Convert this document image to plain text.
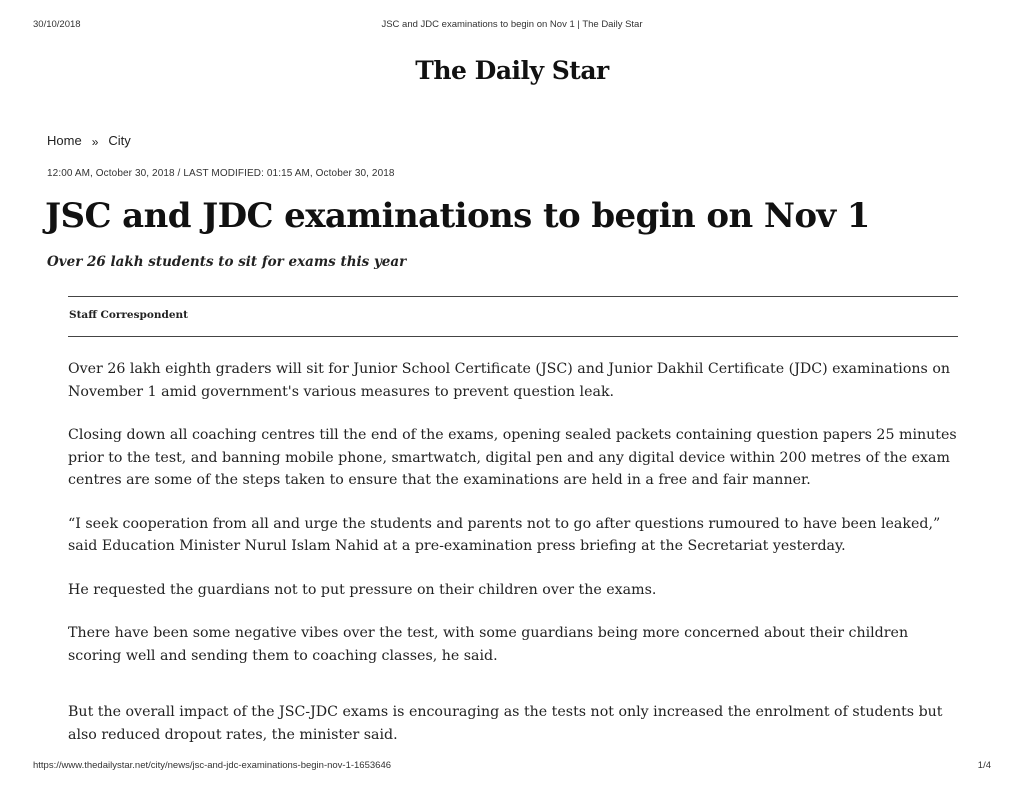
30/10/2018	JSC and JDC examinations to begin on Nov 1 | The Daily Star
The Daily Star
Home » City
12:00 AM, October 30, 2018 / LAST MODIFIED: 01:15 AM, October 30, 2018
JSC and JDC examinations to begin on Nov 1
Over 26 lakh students to sit for exams this year
Staff Correspondent

Over 26 lakh eighth graders will sit for Junior School Certificate (JSC) and Junior Dakhil Certificate (JDC) examinations on November 1 amid government's various measures to prevent question leak.

Closing down all coaching centres till the end of the exams, opening sealed packets containing question papers 25 minutes prior to the test, and banning mobile phone, smartwatch, digital pen and any digital device within 200 metres of the exam centres are some of the steps taken to ensure that the examinations are held in a free and fair manner.

“I seek cooperation from all and urge the students and parents not to go after questions rumoured to have been leaked,” said Education Minister Nurul Islam Nahid at a pre-examination press briefing at the Secretariat yesterday.

He requested the guardians not to put pressure on their children over the exams.

There have been some negative vibes over the test, with some guardians being more concerned about their children scoring well and sending them to coaching classes, he said.

But the overall impact of the JSC-JDC exams is encouraging as the tests not only increased the enrolment of students but also reduced dropout rates, the minister said.

https://www.thedailystar.net/city/news/jsc-and-jdc-examinations-begin-nov-1-1653646	1/4
